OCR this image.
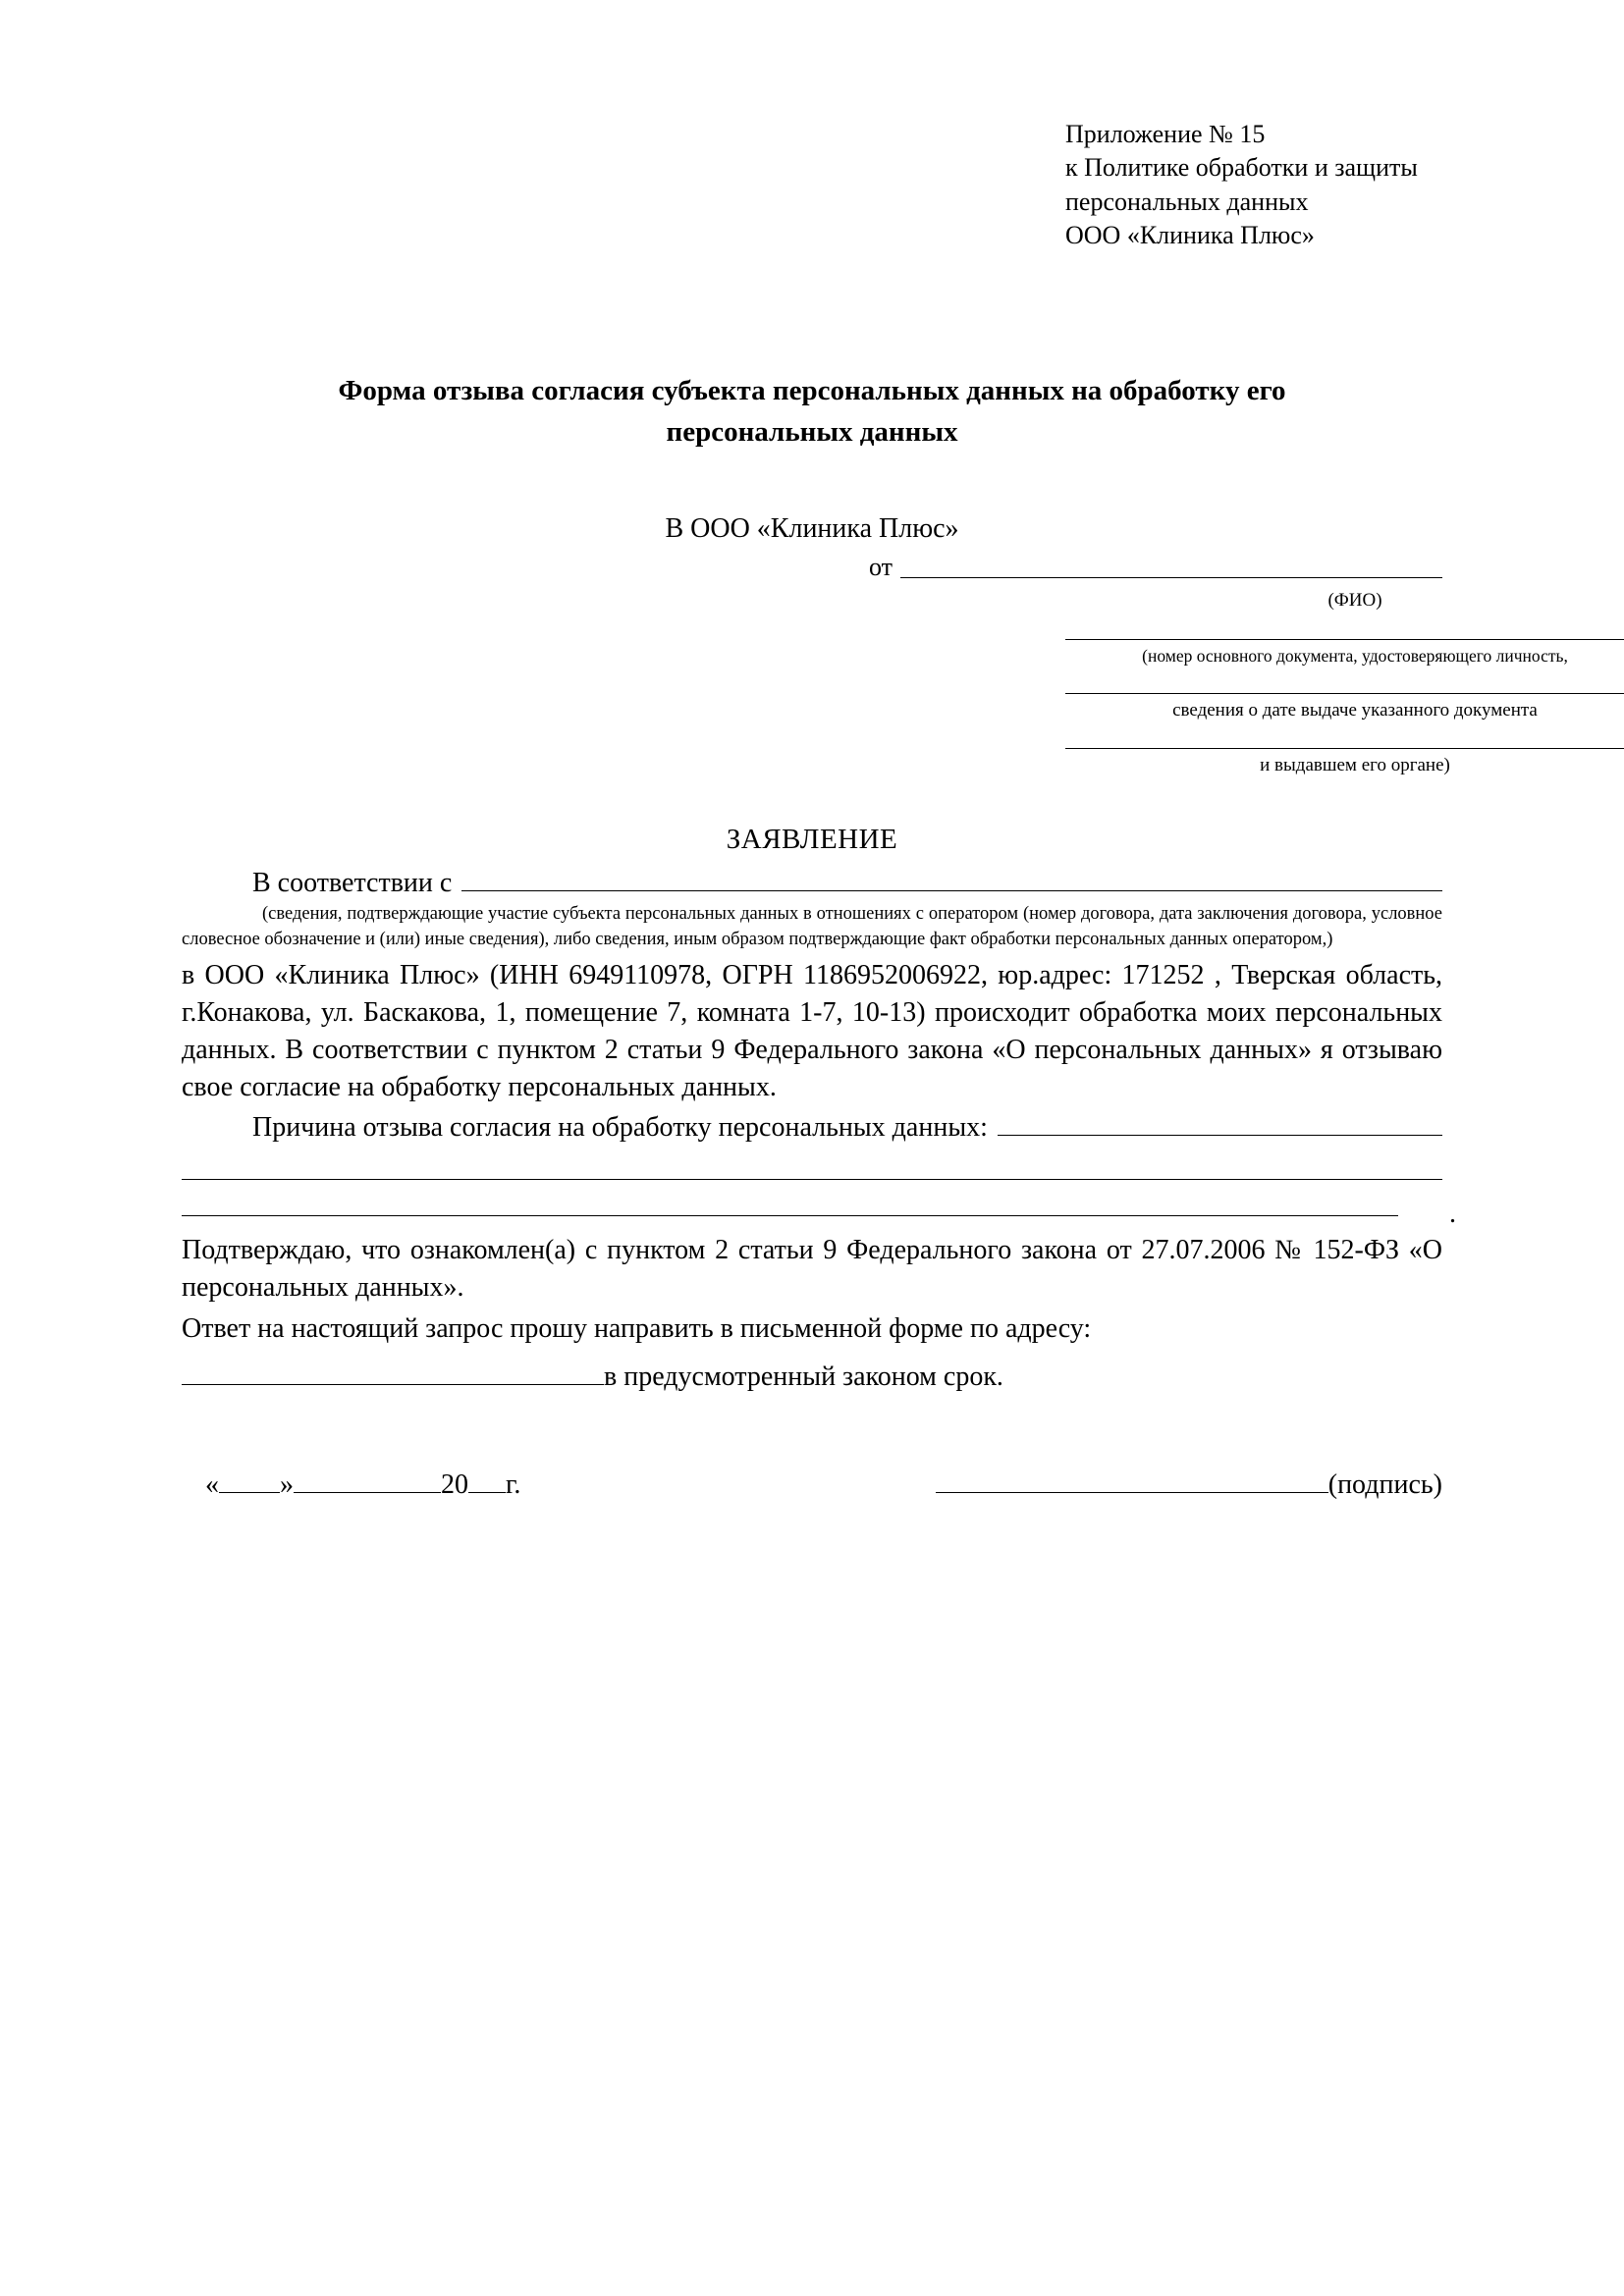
Приложение № 15
к Политике обработки и защиты
персональных данных
ООО «Клиника Плюс»
Форма отзыва согласия субъекта персональных данных на обработку его персональных данных
В ООО «Клиника Плюс»
от
(ФИО)
(номер основного документа, удостоверяющего личность,
сведения о дате выдаче указанного документа
и выдавшем его органе)
ЗАЯВЛЕНИЕ
В соответствии с
(сведения, подтверждающие участие субъекта персональных данных в отношениях с оператором (номер договора, дата заключения договора, условное словесное обозначение и (или) иные сведения), либо сведения, иным образом подтверждающие факт обработки персональных данных оператором,)

в ООО «Клиника Плюс» (ИНН 6949110978, ОГРН 1186952006922, юр.адрес: 171252 , Тверская область, г.Конакова, ул. Баскакова, 1, помещение 7, комната 1-7, 10-13) происходит обработка моих персональных данных. В соответствии с пунктом 2 статьи 9 Федерального закона «О персональных данных» я отзываю свое согласие на обработку персональных данных.

Причина отзыва согласия на обработку персональных данных:
.

Подтверждаю, что ознакомлен(а) с пунктом 2 статьи 9 Федерального закона от 27.07.2006 № 152-ФЗ «О персональных данных».

Ответ на настоящий запрос прошу направить в письменной форме по адресу:

в предусмотренный законом срок.
« »	20 г.	(подпись)
